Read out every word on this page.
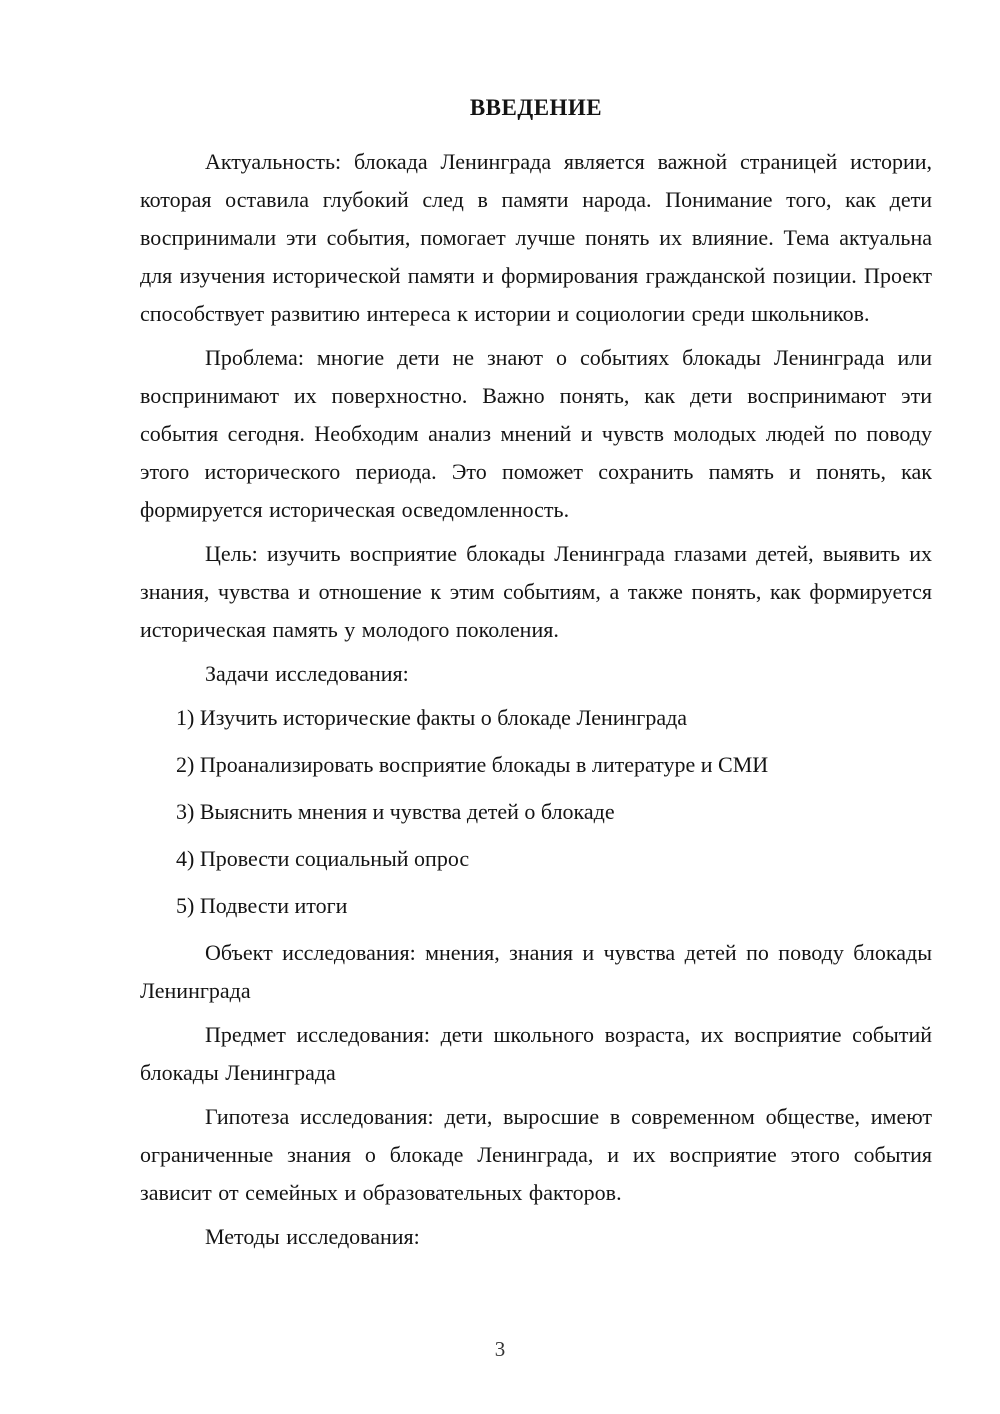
ВВЕДЕНИЕ

Актуальность: блокада Ленинграда является важной страницей истории, которая оставила глубокий след в памяти народа. Понимание того, как дети воспринимали эти события, помогает лучше понять их влияние. Тема актуальна для изучения исторической памяти и формирования гражданской позиции. Проект способствует развитию интереса к истории и социологии среди школьников.

Проблема: многие дети не знают о событиях блокады Ленинграда или воспринимают их поверхностно. Важно понять, как дети воспринимают эти события сегодня. Необходим анализ мнений и чувств молодых людей по поводу этого исторического периода. Это поможет сохранить память и понять, как формируется историческая осведомленность.

Цель: изучить восприятие блокады Ленинграда глазами детей, выявить их знания, чувства и отношение к этим событиям, а также понять, как формируется историческая память у молодого поколения.

Задачи исследования:

1) Изучить исторические факты о блокаде Ленинграда

2) Проанализировать восприятие блокады в литературе и СМИ

3) Выяснить мнения и чувства детей о блокаде

4) Провести социальный опрос

5) Подвести итоги

Объект исследования: мнения, знания и чувства детей по поводу блокады Ленинграда

Предмет исследования: дети школьного возраста, их восприятие событий блокады Ленинграда

Гипотеза исследования: дети, выросшие в современном обществе, имеют ограниченные знания о блокаде Ленинграда, и их восприятие этого события зависит от семейных и образовательных факторов.

Методы исследования:

3
